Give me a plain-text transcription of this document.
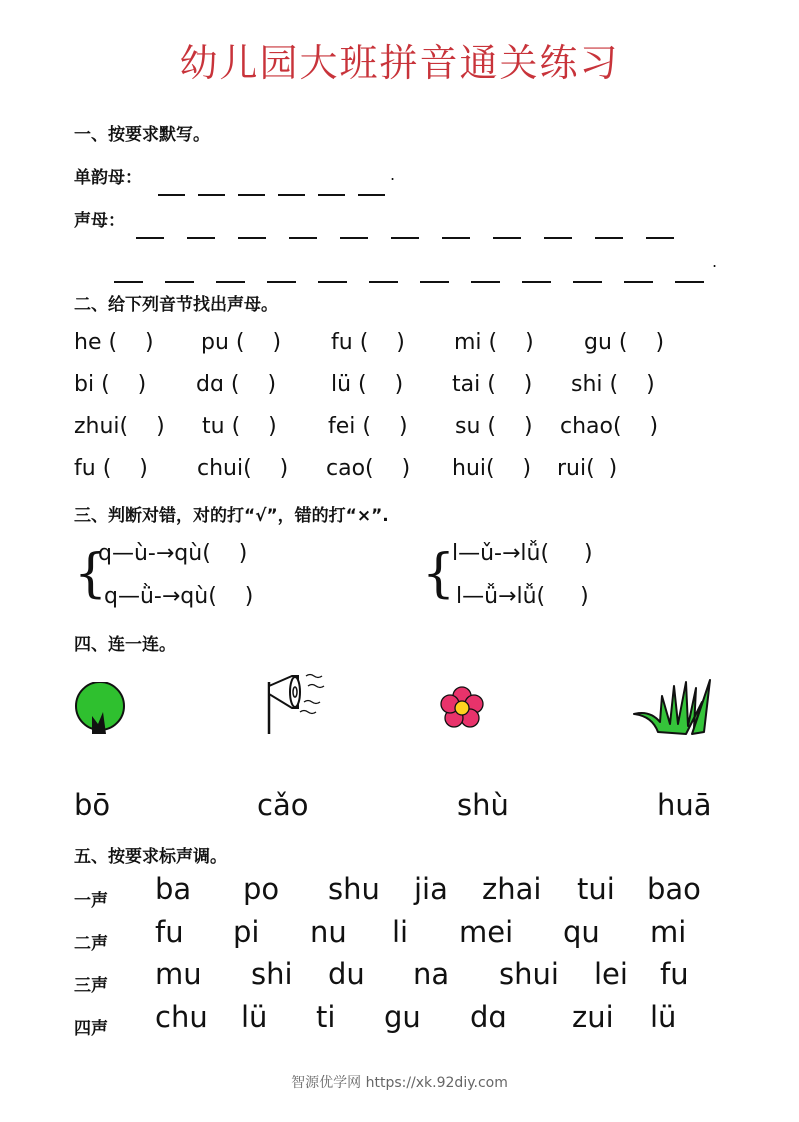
幼儿园大班拼音通关练习
一、按要求默写。
单韵母：	.
声母：
.
二、给下列音节找出声母。
he (    ) pu (    ) fu (    ) mi (    ) gu (    )
bi (    ) dɑ (    ) lü (    ) tai (    ) shi (    )
zhui(    ) tu (    ) fei (    ) su (    ) chao(    )
fu (    ) chui(    ) cao(    ) hui(    ) rui(  )
三、判断对错，对的打“√”，错的打“×”.
{
q—ù-→qù( )
q—ǜ-→qù( )	{
l—ǔ-→lǚ( )
l—ǚ→lǚ( )
四、连一连。
bō	cǎo	shù	huā
五、按要求标声调。
一声 ba po shu jia zhai tui bao
二声 fu pi nu li mei qu mi
三声 mu shi du na shui lei fu
四声 chu lü ti gu dɑ zui lü
智源优学网 https://xk.92diy.com
